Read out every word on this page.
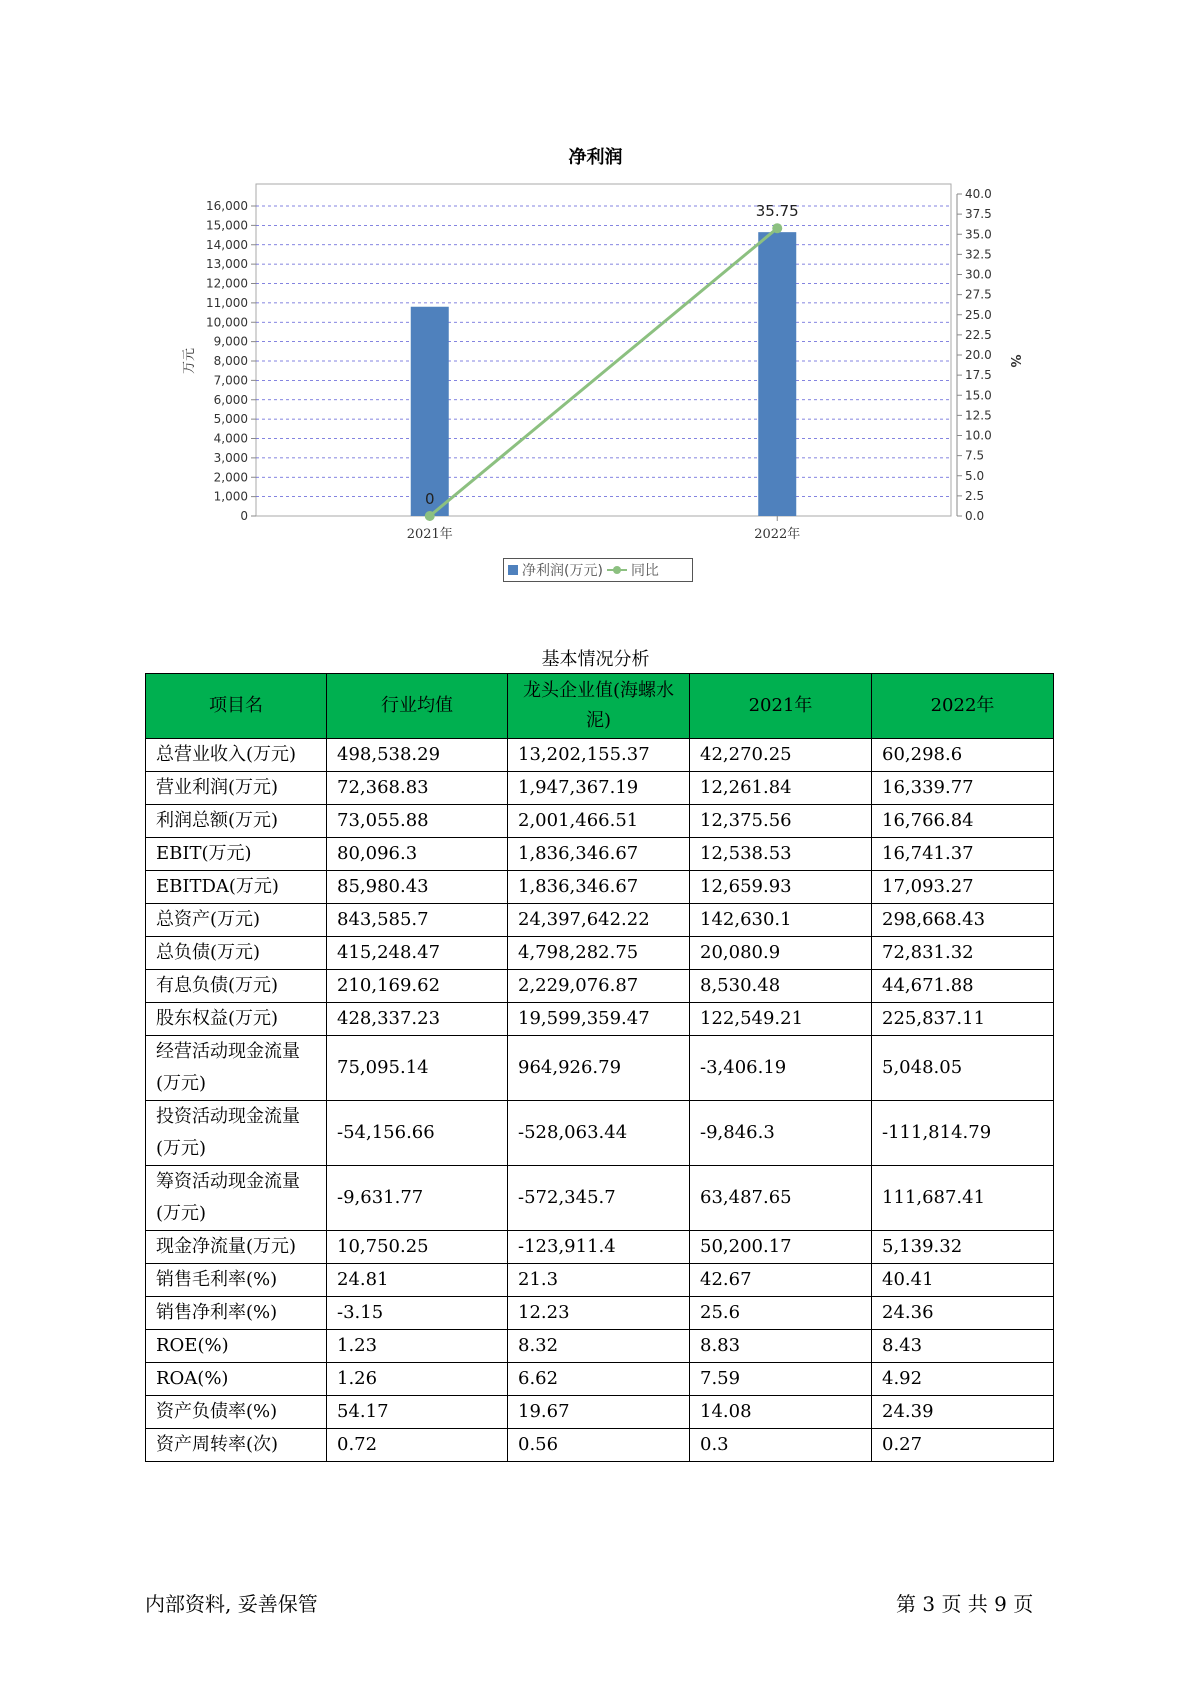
净利润
0
1,000
2,000
3,000
4,000
5,000
6,000
7,000
8,000
9,000
10,000
11,000
12,000
13,000
14,000
15,000
16,000
0.0
2.5
5.0
7.5
10.0
12.5
15.0
17.5
20.0
22.5
25.0
27.5
30.0
32.5
35.0
37.5
40.0
万元	%
2021年	2022年
0
35.75
净利润(万元) 同比
基本情况分析
项目名	行业均值	龙头企业值(海螺水泥)	2021年	2022年
总营业收入(万元)	498,538.29	13,202,155.37	42,270.25	60,298.6
营业利润(万元)	72,368.83	1,947,367.19	12,261.84	16,339.77
利润总额(万元)	73,055.88	2,001,466.51	12,375.56	16,766.84
EBIT(万元)	80,096.3	1,836,346.67	12,538.53	16,741.37
EBITDA(万元)	85,980.43	1,836,346.67	12,659.93	17,093.27
总资产(万元)	843,585.7	24,397,642.22	142,630.1	298,668.43
总负债(万元)	415,248.47	4,798,282.75	20,080.9	72,831.32
有息负债(万元)	210,169.62	2,229,076.87	8,530.48	44,671.88
股东权益(万元)	428,337.23	19,599,359.47	122,549.21	225,837.11
经营活动现金流量(万元)	75,095.14	964,926.79	-3,406.19	5,048.05
投资活动现金流量(万元)	-54,156.66	-528,063.44	-9,846.3	-111,814.79
筹资活动现金流量(万元)	-9,631.77	-572,345.7	63,487.65	111,687.41
现金净流量(万元)	10,750.25	-123,911.4	50,200.17	5,139.32
销售毛利率(%)	24.81	21.3	42.67	40.41
销售净利率(%)	-3.15	12.23	25.6	24.36
ROE(%)	1.23	8.32	8.83	8.43
ROA(%)	1.26	6.62	7.59	4.92
资产负债率(%)	54.17	19.67	14.08	24.39
资产周转率(次)	0.72	0.56	0.3	0.27
内部资料, 妥善保管	第 3 页 共 9 页
